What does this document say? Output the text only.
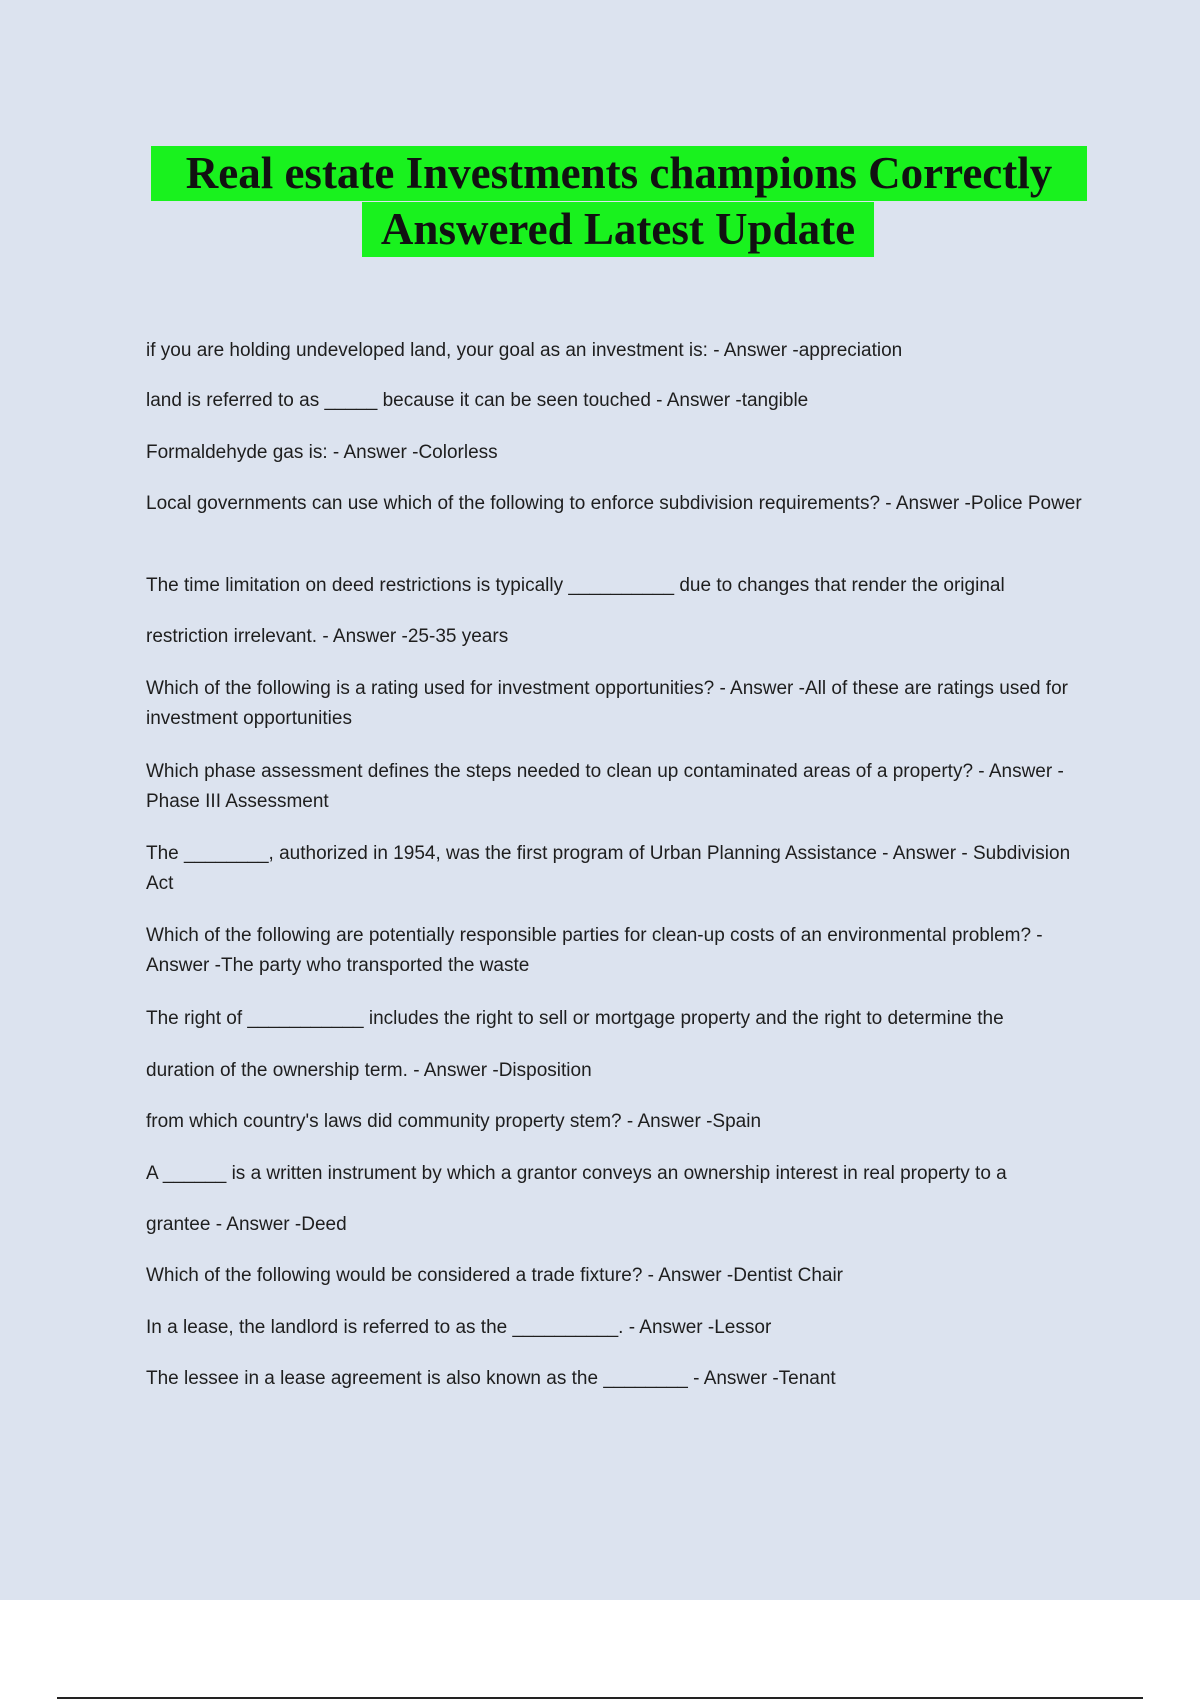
Real estate Investments champions Correctly
Answered Latest Update

if you are holding undeveloped land, your goal as an investment is: - Answer -appreciation

land is referred to as _____ because it can be seen touched - Answer -tangible

Formaldehyde gas is: - Answer -Colorless

Local governments can use which of the following to enforce subdivision requirements? - Answer -Police Power

The time limitation on deed restrictions is typically __________ due to changes that render the original

restriction irrelevant. - Answer -25-35 years

Which of the following is a rating used for investment opportunities? - Answer -All of these are ratings used for investment opportunities

Which phase assessment defines the steps needed to clean up contaminated areas of a property? - Answer -Phase III Assessment

The ________, authorized in 1954, was the first program of Urban Planning Assistance - Answer - Subdivision Act

Which of the following are potentially responsible parties for clean-up costs of an environmental problem? - Answer -The party who transported the waste

The right of ___________ includes the right to sell or mortgage property and the right to determine the

duration of the ownership term. - Answer -Disposition

from which country's laws did community property stem? - Answer -Spain

A ______ is a written instrument by which a grantor conveys an ownership interest in real property to a

grantee - Answer -Deed

Which of the following would be considered a trade fixture? - Answer -Dentist Chair

In a lease, the landlord is referred to as the __________. - Answer -Lessor

The lessee in a lease agreement is also known as the ________ - Answer -Tenant
